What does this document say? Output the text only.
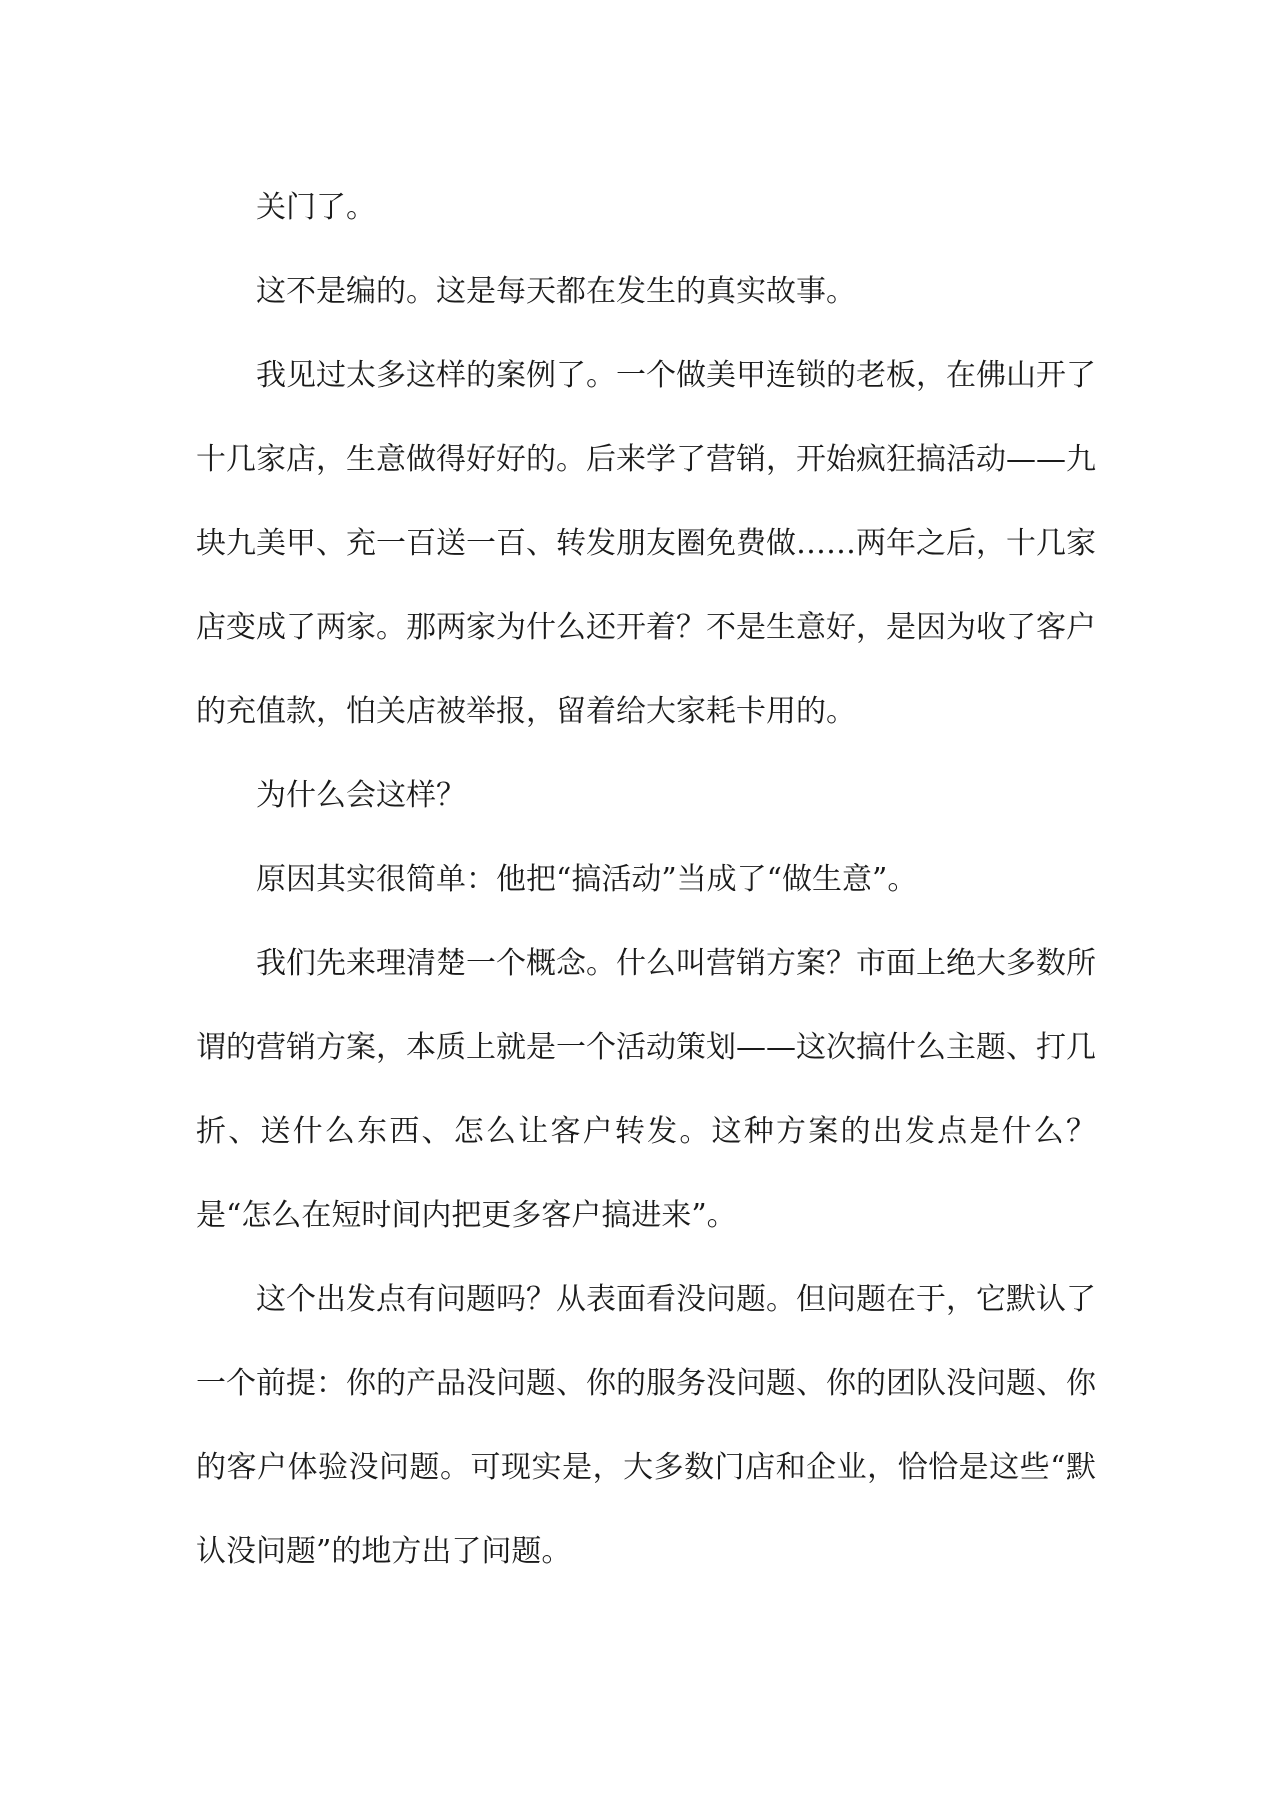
关门了。

这不是编的。这是每天都在发生的真实故事。

我见过太多这样的案例了。一个做美甲连锁的老板，在佛山开了十几家店，生意做得好好的。后来学了营销，开始疯狂搞活动——九块九美甲、充一百送一百、转发朋友圈免费做……两年之后，十几家店变成了两家。那两家为什么还开着？不是生意好，是因为收了客户的充值款，怕关店被举报，留着给大家耗卡用的。

为什么会这样？

原因其实很简单：他把“搞活动”当成了“做生意”。

我们先来理清楚一个概念。什么叫营销方案？市面上绝大多数所谓的营销方案，本质上就是一个活动策划——这次搞什么主题、打几折、送什么东西、怎么让客户转发。这种方案的出发点是什么？是“怎么在短时间内把更多客户搞进来”。

这个出发点有问题吗？从表面看没问题。但问题在于，它默认了一个前提：你的产品没问题、你的服务没问题、你的团队没问题、你的客户体验没问题。可现实是，大多数门店和企业，恰恰是这些“默认没问题”的地方出了问题。
